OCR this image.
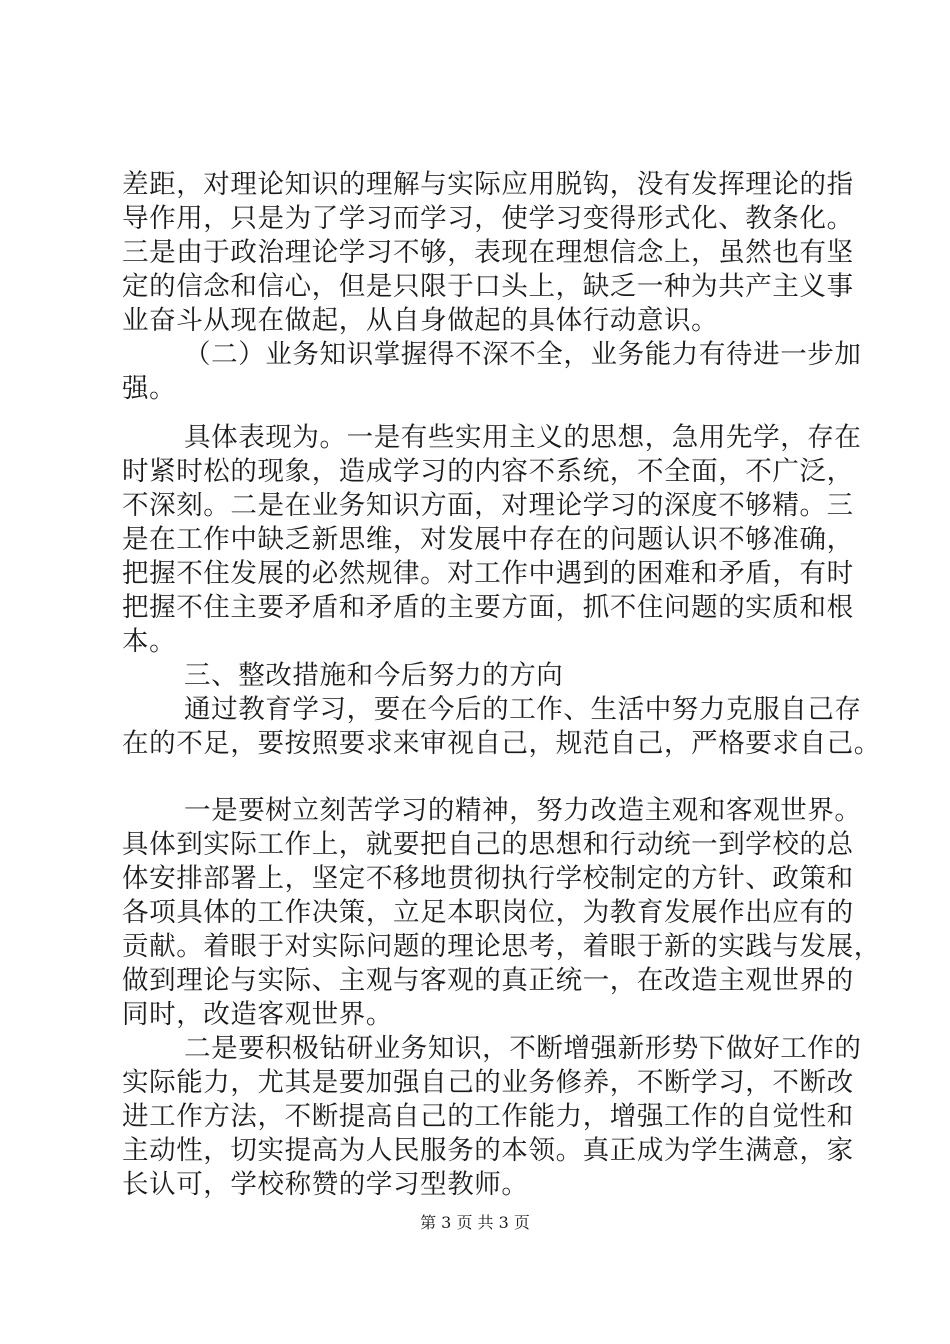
差距，对理论知识的理解与实际应用脱钩，没有发挥理论的指
导作用，只是为了学习而学习，使学习变得形式化、教条化。
三是由于政治理论学习不够，表现在理想信念上，虽然也有坚
定的信念和信心，但是只限于口头上，缺乏一种为共产主义事
业奋斗从现在做起，从自身做起的具体行动意识。
（二）业务知识掌握得不深不全，业务能力有待进一步加
强。
具体表现为。一是有些实用主义的思想，急用先学，存在
时紧时松的现象，造成学习的内容不系统，不全面，不广泛，
不深刻。二是在业务知识方面，对理论学习的深度不够精。三
是在工作中缺乏新思维，对发展中存在的问题认识不够准确，
把握不住发展的必然规律。对工作中遇到的困难和矛盾，有时
把握不住主要矛盾和矛盾的主要方面，抓不住问题的实质和根
本。
三、整改措施和今后努力的方向
通过教育学习，要在今后的工作、生活中努力克服自己存
在的不足，要按照要求来审视自己，规范自己，严格要求自己。
一是要树立刻苦学习的精神，努力改造主观和客观世界。
具体到实际工作上，就要把自己的思想和行动统一到学校的总
体安排部署上，坚定不移地贯彻执行学校制定的方针、政策和
各项具体的工作决策，立足本职岗位，为教育发展作出应有的
贡献。着眼于对实际问题的理论思考，着眼于新的实践与发展，
做到理论与实际、主观与客观的真正统一，在改造主观世界的
同时，改造客观世界。
二是要积极钻研业务知识，不断增强新形势下做好工作的
实际能力，尤其是要加强自己的业务修养，不断学习，不断改
进工作方法，不断提高自己的工作能力，增强工作的自觉性和
主动性，切实提高为人民服务的本领。真正成为学生满意，家
长认可，学校称赞的学习型教师。
第 3 页 共 3 页
